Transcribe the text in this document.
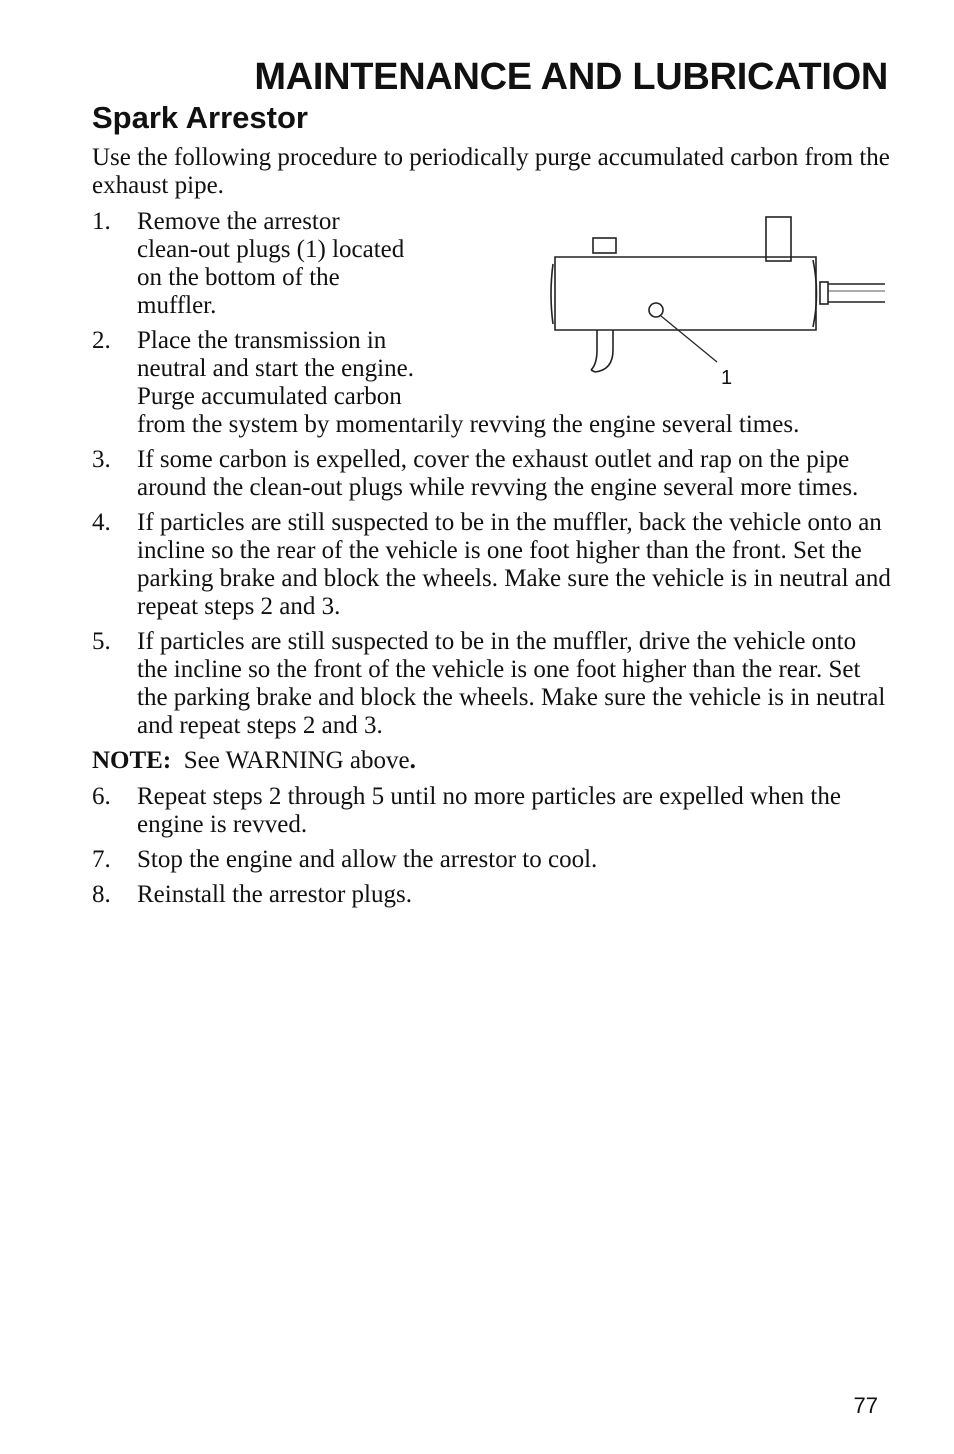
MAINTENANCE AND LUBRICATION
Spark Arrestor

Use the following procedure to periodically purge accumulated carbon from the exhaust pipe.

1.	Remove the arrestor
clean-out plugs (1) located
on the bottom of the
muffler.
2.	Place the transmission in
neutral and start the engine.
Purge accumulated carbon
from the system by momentarily revving the engine several times.
3.	If some carbon is expelled, cover the exhaust outlet and rap on the pipe around the clean-out plugs while revving the engine several more times.
4.	If particles are still suspected to be in the muffler, back the vehicle onto an incline so the rear of the vehicle is one foot higher than the front. Set the parking brake and block the wheels. Make sure the vehicle is in neutral and repeat steps 2 and 3.
5.	If particles are still suspected to be in the muffler, drive the vehicle onto the incline so the front of the vehicle is one foot higher than the rear. Set the parking brake and block the wheels. Make sure the vehicle is in neutral and repeat steps 2 and 3.

NOTE:  See WARNING above.

6.	Repeat steps 2 through 5 until no more particles are expelled when the engine is revved.
7.	Stop the engine and allow the arrestor to cool.
8.	Reinstall the arrestor plugs.
1
77
